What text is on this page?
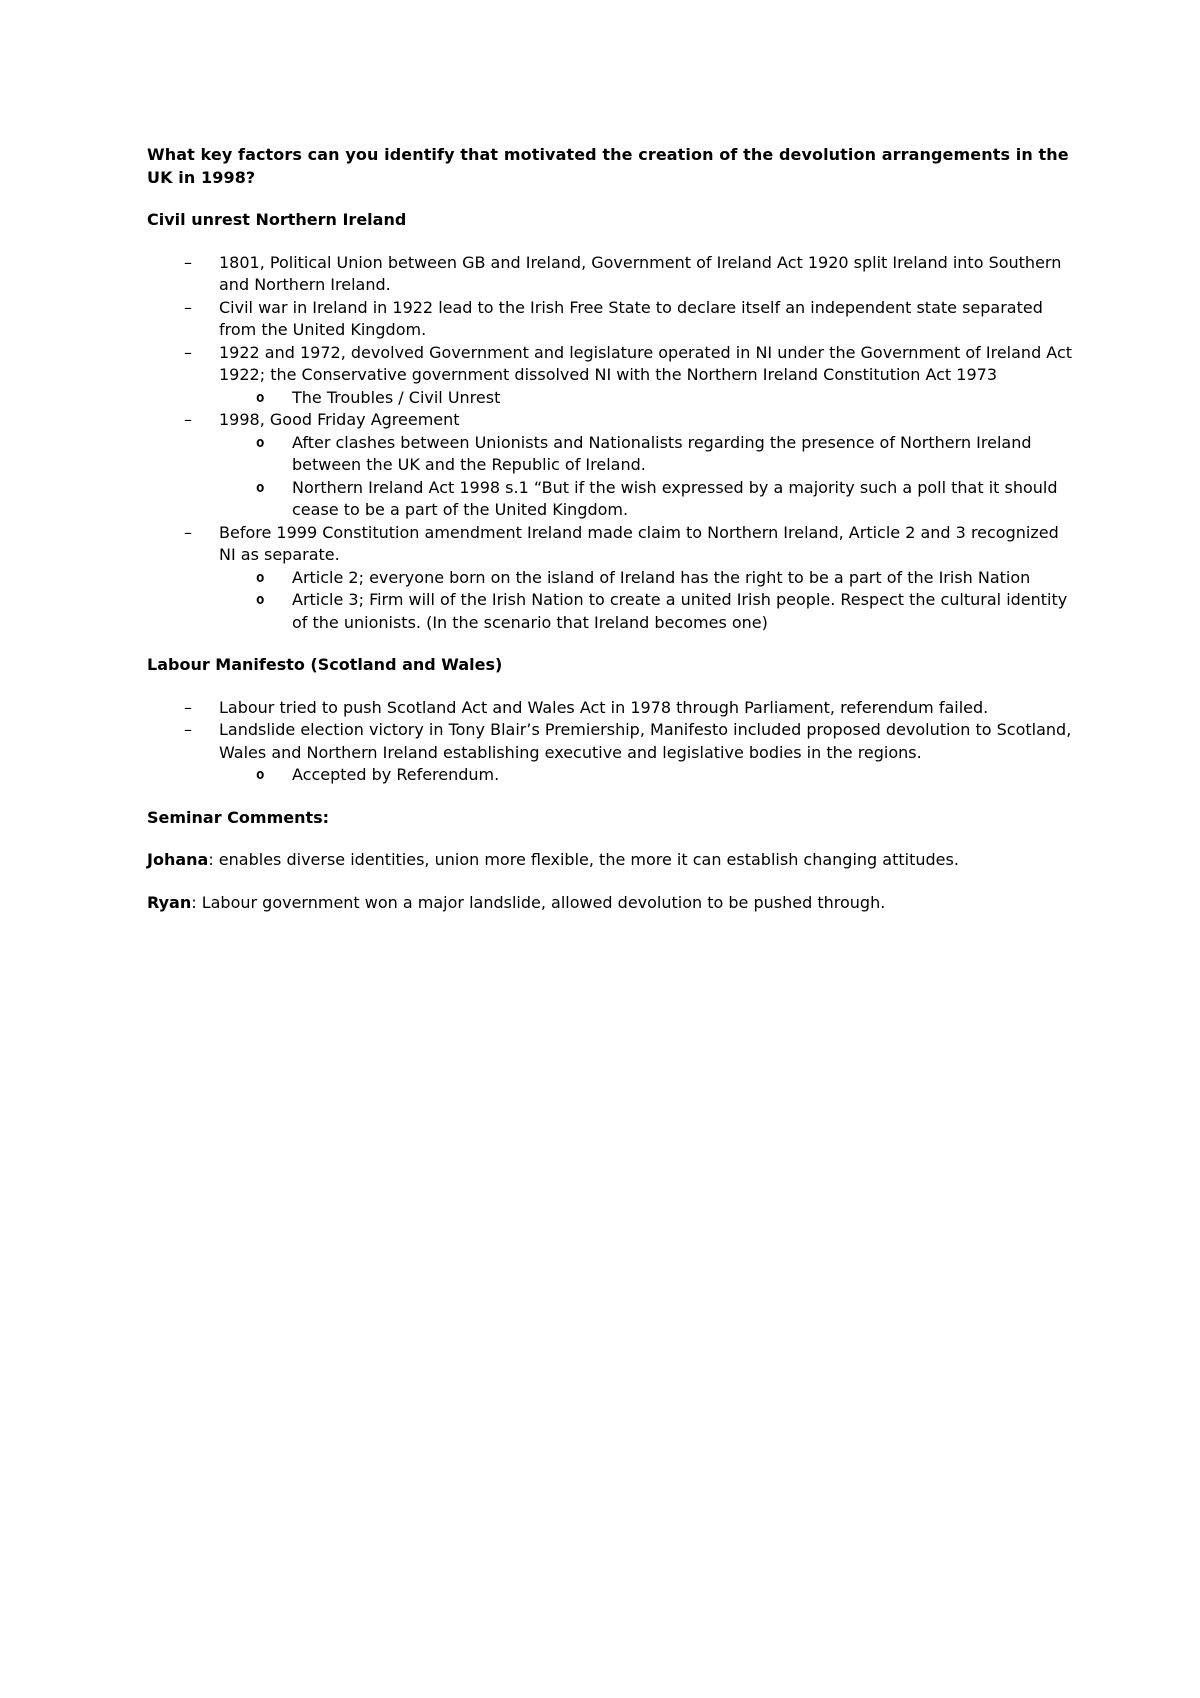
What key factors can you identify that motivated the creation of the devolution arrangements in the UK in 1998?

Civil unrest Northern Ireland

– 1801, Political Union between GB and Ireland, Government of Ireland Act 1920 split Ireland into Southern and Northern Ireland.
– Civil war in Ireland in 1922 lead to the Irish Free State to declare itself an independent state separated from the United Kingdom.
– 1922 and 1972, devolved Government and legislature operated in NI under the Government of Ireland Act 1922; the Conservative government dissolved NI with the Northern Ireland Constitution Act 1973
o The Troubles / Civil Unrest
– 1998, Good Friday Agreement
o After clashes between Unionists and Nationalists regarding the presence of Northern Ireland between the UK and the Republic of Ireland.
o Northern Ireland Act 1998 s.1 “But if the wish expressed by a majority such a poll that it should cease to be a part of the United Kingdom.
– Before 1999 Constitution amendment Ireland made claim to Northern Ireland, Article 2 and 3 recognized NI as separate.
o Article 2; everyone born on the island of Ireland has the right to be a part of the Irish Nation
o Article 3; Firm will of the Irish Nation to create a united Irish people. Respect the cultural identity of the unionists. (In the scenario that Ireland becomes one)

Labour Manifesto (Scotland and Wales)

– Labour tried to push Scotland Act and Wales Act in 1978 through Parliament, referendum failed.
– Landslide election victory in Tony Blair’s Premiership, Manifesto included proposed devolution to Scotland, Wales and Northern Ireland establishing executive and legislative bodies in the regions.
o Accepted by Referendum.

Seminar Comments:

Johana: enables diverse identities, union more flexible, the more it can establish changing attitudes.

Ryan: Labour government won a major landslide, allowed devolution to be pushed through.
